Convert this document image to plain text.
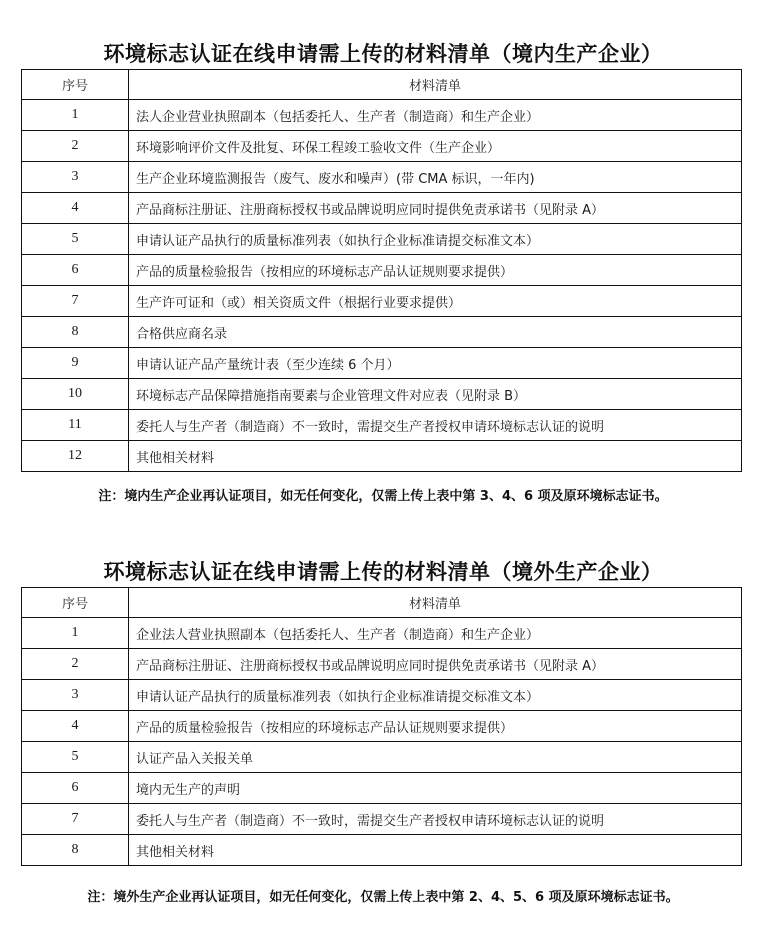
环境标志认证在线申请需上传的材料清单（境内生产企业）
序号	材料清单
1	法人企业营业执照副本（包括委托人、生产者（制造商）和生产企业）
2	环境影响评价文件及批复、环保工程竣工验收文件（生产企业）
3	生产企业环境监测报告（废气、废水和噪声）(带 CMA 标识，一年内)
4	产品商标注册证、注册商标授权书或品牌说明应同时提供免责承诺书（见附录 A）
5	申请认证产品执行的质量标准列表（如执行企业标准请提交标准文本）
6	产品的质量检验报告（按相应的环境标志产品认证规则要求提供）
7	生产许可证和（或）相关资质文件（根据行业要求提供）
8	合格供应商名录
9	申请认证产品产量统计表（至少连续 6 个月）
10	环境标志产品保障措施指南要素与企业管理文件对应表（见附录 B）
11	委托人与生产者（制造商）不一致时，需提交生产者授权申请环境标志认证的说明
12	其他相关材料
注：境内生产企业再认证项目，如无任何变化，仅需上传上表中第 3、4、6 项及原环境标志证书。
环境标志认证在线申请需上传的材料清单（境外生产企业）
序号	材料清单
1	企业法人营业执照副本（包括委托人、生产者（制造商）和生产企业）
2	产品商标注册证、注册商标授权书或品牌说明应同时提供免责承诺书（见附录 A）
3	申请认证产品执行的质量标准列表（如执行企业标准请提交标准文本）
4	产品的质量检验报告（按相应的环境标志产品认证规则要求提供）
5	认证产品入关报关单
6	境内无生产的声明
7	委托人与生产者（制造商）不一致时，需提交生产者授权申请环境标志认证的说明
8	其他相关材料
注：境外生产企业再认证项目，如无任何变化，仅需上传上表中第 2、4、5、6 项及原环境标志证书。
